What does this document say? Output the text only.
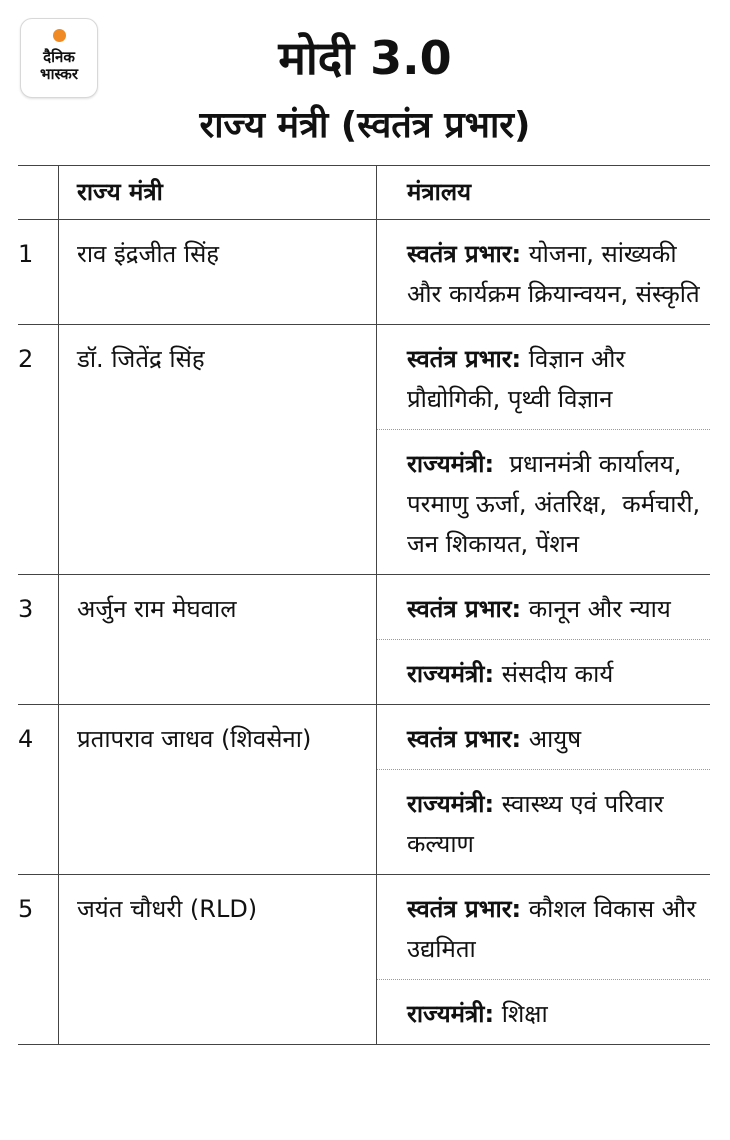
दैनिक
भास्कर	मोदी 3.0
राज्य मंत्री (स्वतंत्र प्रभार)
राज्य मंत्री	मंत्रालय
1	राव इंद्रजीत सिंह	स्वतंत्र प्रभार: योजना, सांख्यकी और कार्यक्रम क्रियान्वयन, संस्कृति
2	डॉ. जितेंद्र सिंह	स्वतंत्र प्रभार: विज्ञान और प्रौद्योगिकी, पृथ्वी विज्ञान
राज्यमंत्री:  प्रधानमंत्री कार्यालय, परमाणु ऊर्जा, अंतरिक्ष,  कर्मचारी, जन शिकायत, पेंशन
3	अर्जुन राम मेघवाल	स्वतंत्र प्रभार: कानून और न्याय
राज्यमंत्री: संसदीय कार्य
4	प्रतापराव जाधव (शिवसेना)	स्वतंत्र प्रभार: आयुष
राज्यमंत्री: स्वास्थ्य एवं परिवार कल्याण
5	जयंत चौधरी (RLD)	स्वतंत्र प्रभार: कौशल विकास और उद्यमिता
राज्यमंत्री: शिक्षा
